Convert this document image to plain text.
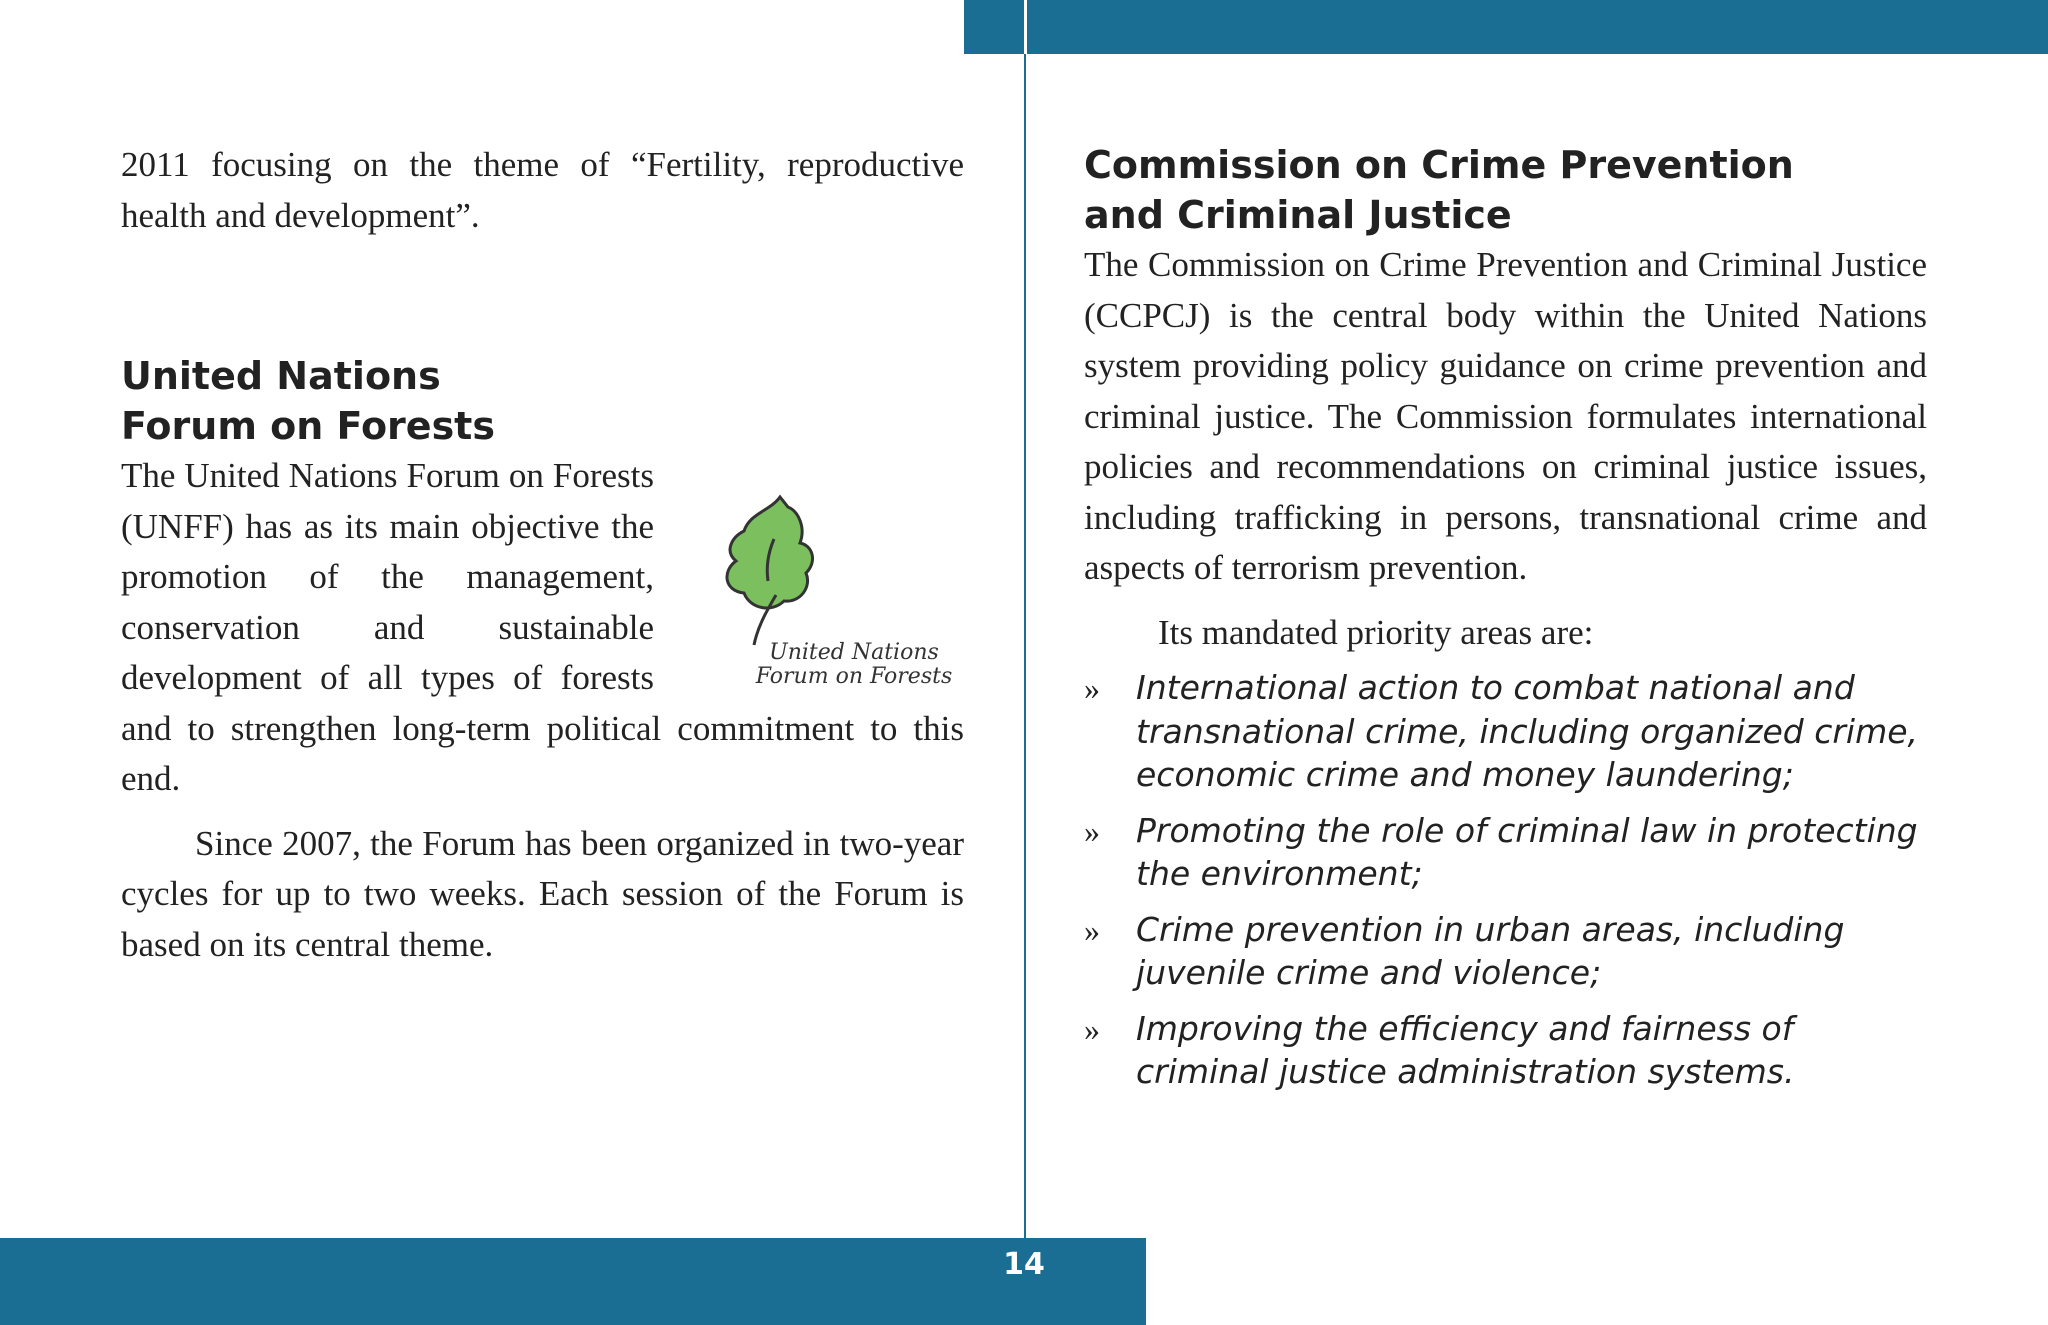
14

2011 focusing on the theme of “Fertility, reproductive health and development”.

United Nations
Forum on Forests
United Nations
Forum on Forests

The United Nations Forum on Forests (UNFF) has as its main objective the promotion of the management, conservation and sustainable development of all types of forests and to strengthen long-term political commitment to this end.

Since 2007, the Forum has been organized in two-year cycles for up to two weeks. Each session of the Forum is based on its central theme.

Commission on Crime Prevention
and Criminal Justice

The Commission on Crime Prevention and Criminal Justice (CCPCJ) is the central body within the United Nations system providing policy guidance on crime prevention and criminal justice. The Commission formulates international policies and recommendations on criminal justice issues, including trafficking in persons, transnational crime and aspects of terrorism prevention.

Its mandated priority areas are:

» International action to combat national and transnational crime, including organized crime, economic crime and money laundering;
» Promoting the role of criminal law in protecting the environment;
» Crime prevention in urban areas, including juvenile crime and violence;
» Improving the efficiency and fairness of criminal justice administration systems.
